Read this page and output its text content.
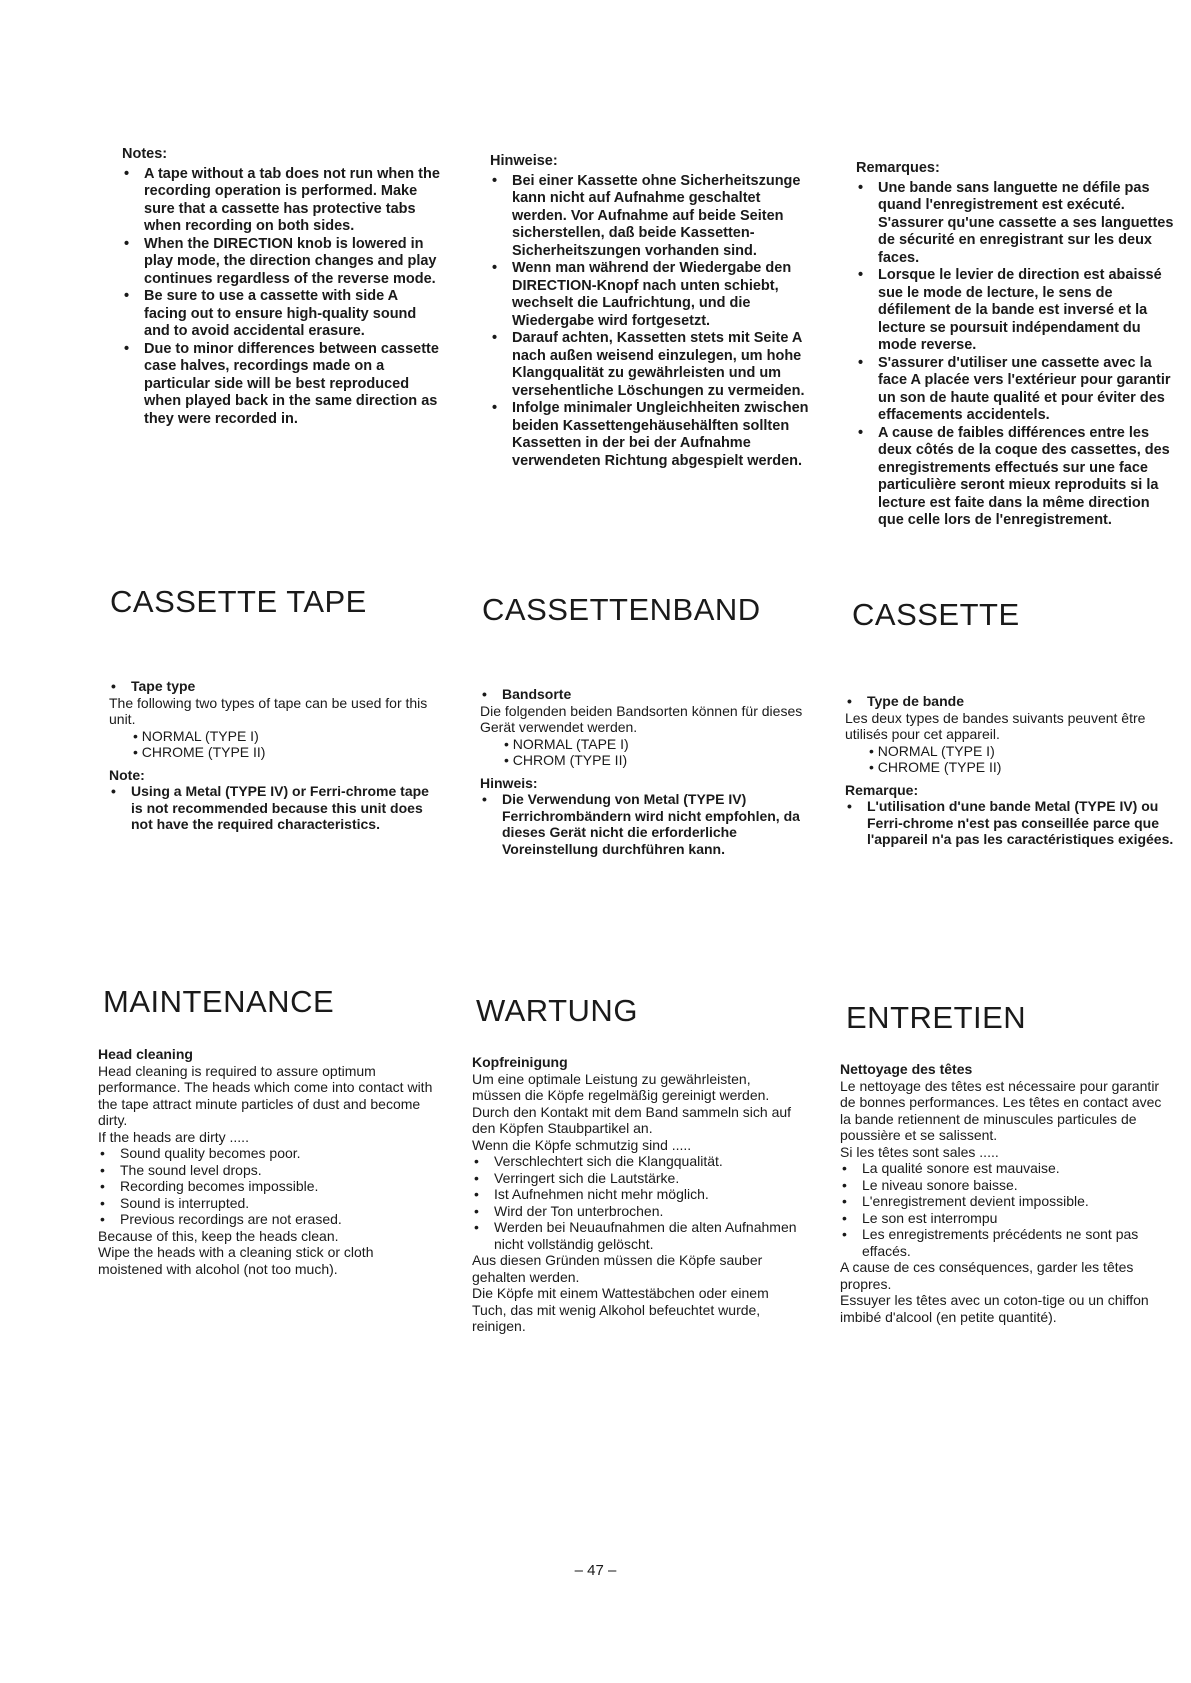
Notes:
• A tape without a tab does not run when the recording operation is performed. Make sure that a cassette has protective tabs when recording on both sides.
• When the DIRECTION knob is lowered in play mode, the direction changes and play continues regardless of the reverse mode.
• Be sure to use a cassette with side A facing out to ensure high-quality sound and to avoid accidental erasure.
• Due to minor differences between cassette case halves, recordings made on a particular side will be best reproduced when played back in the same direction as they were recorded in.
Hinweise:
• Bei einer Kassette ohne Sicherheitszunge kann nicht auf Aufnahme geschaltet werden. Vor Aufnahme auf beide Seiten sicherstellen, daß beide Kassetten-Sicherheitszungen vorhanden sind.
• Wenn man während der Wiedergabe den DIRECTION-Knopf nach unten schiebt, wechselt die Laufrichtung, und die Wiedergabe wird fortgesetzt.
• Darauf achten, Kassetten stets mit Seite A nach außen weisend einzulegen, um hohe Klangqualität zu gewährleisten und um versehentliche Löschungen zu vermeiden.
• Infolge minimaler Ungleichheiten zwischen beiden Kassettengehäusehälften sollten Kassetten in der bei der Aufnahme verwendeten Richtung abgespielt werden.
Remarques:
• Une bande sans languette ne défile pas quand l'enregistrement est exécuté. S'assurer qu'une cassette a ses languettes de sécurité en enregistrant sur les deux faces.
• Lorsque le levier de direction est abaissé sue le mode de lecture, le sens de défilement de la bande est inversé et la lecture se poursuit indépendament du mode reverse.
• S'assurer d'utiliser une cassette avec la face A placée vers l'extérieur pour garantir un son de haute qualité et pour éviter des effacements accidentels.
• A cause de faibles différences entre les deux côtés de la coque des cassettes, des enregistrements effectués sur une face particulière seront mieux reproduits si la lecture est faite dans la même direction que celle lors de l'enregistrement.
CASSETTE TAPE	CASSETTENBAND	CASSETTE
• Tape type
The following two types of tape can be used for this unit.
• NORMAL (TYPE I)
• CHROME (TYPE II)
Note:
• Using a Metal (TYPE IV) or Ferri-chrome tape is not recommended because this unit does not have the required characteristics.
• Bandsorte
Die folgenden beiden Bandsorten können für dieses Gerät verwendet werden.
• NORMAL (TAPE I)
• CHROM (TYPE II)
Hinweis:
• Die Verwendung von Metal (TYPE IV) Ferrichrombändern wird nicht empfohlen, da dieses Gerät nicht die erforderliche Voreinstellung durchführen kann.
• Type de bande
Les deux types de bandes suivants peuvent être utilisés pour cet appareil.
• NORMAL (TYPE I)
• CHROME (TYPE II)
Remarque:
• L'utilisation d'une bande Metal (TYPE IV) ou Ferri-chrome n'est pas conseillée parce que l'appareil n'a pas les caractéristiques exigées.
MAINTENANCE	WARTUNG	ENTRETIEN
Head cleaning
Head cleaning is required to assure optimum performance. The heads which come into contact with the tape attract minute particles of dust and become dirty.
If the heads are dirty .....
• Sound quality becomes poor.
• The sound level drops.
• Recording becomes impossible.
• Sound is interrupted.
• Previous recordings are not erased.
Because of this, keep the heads clean.
Wipe the heads with a cleaning stick or cloth moistened with alcohol (not too much).
Kopfreinigung
Um eine optimale Leistung zu gewährleisten, müssen die Köpfe regelmäßig gereinigt werden. Durch den Kontakt mit dem Band sammeln sich auf den Köpfen Staubpartikel an.
Wenn die Köpfe schmutzig sind .....
• Verschlechtert sich die Klangqualität.
• Verringert sich die Lautstärke.
• Ist Aufnehmen nicht mehr möglich.
• Wird der Ton unterbrochen.
• Werden bei Neuaufnahmen die alten Aufnahmen nicht vollständig gelöscht.
Aus diesen Gründen müssen die Köpfe sauber gehalten werden.
Die Köpfe mit einem Wattestäbchen oder einem Tuch, das mit wenig Alkohol befeuchtet wurde, reinigen.
Nettoyage des têtes
Le nettoyage des têtes est nécessaire pour garantir de bonnes performances. Les têtes en contact avec la bande retiennent de minuscules particules de poussière et se salissent.
Si les têtes sont sales .....
• La qualité sonore est mauvaise.
• Le niveau sonore baisse.
• L'enregistrement devient impossible.
• Le son est interrompu
• Les enregistrements précédents ne sont pas effacés.
A cause de ces conséquences, garder les têtes propres.
Essuyer les têtes avec un coton-tige ou un chiffon imbibé d'alcool (en petite quantité).
– 47 –
